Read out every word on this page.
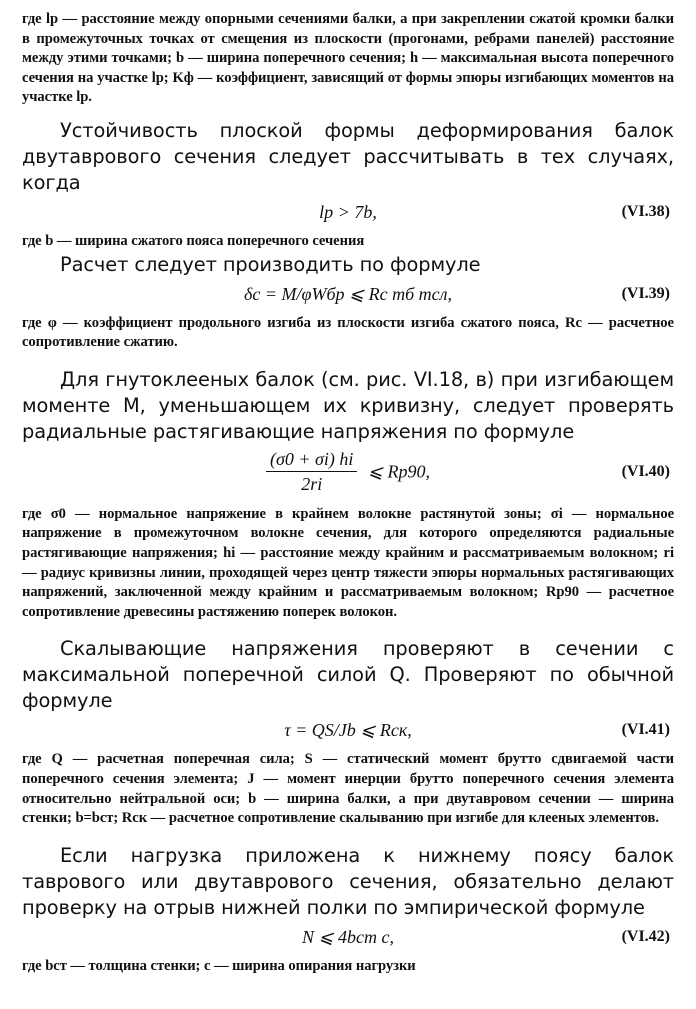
где lр — расстояние между опорными сечениями балки, а при закреплении сжатой кромки балки в промежуточных точках от смещения из плоскости (прогонами, ребрами панелей) расстояние между этими точками; b — ширина поперечного сечения; h — максимальная высота поперечного сечения на участке lр; Kф — коэффициент, зависящий от формы эпюры изгибающих моментов на участке lр.

Устойчивость плоской формы деформирования балок двутаврового сечения следует рассчитывать в тех случаях, когда

lр > 7b,	(VI.38)

где b — ширина сжатого пояса поперечного сечения

Расчет следует производить по формуле

δс = M/φWбр ⩽ Rс mб mсл,	(VI.39)

где φ — коэффициент продольного изгиба из плоскости изгиба сжатого пояса, Rс — расчетное сопротивление сжатию.

Для гнутоклееных балок (см. рис. VI.18, в) при изгибающем моменте M, уменьшающем их кривизну, следует проверять радиальные растягивающие напряжения по формуле

$\frac{(\sigma 0 + \sigma i) hi}{2ri}$ ⩽ Rр90,	(VI.40)

где σ0 — нормальное напряжение в крайнем волокне растянутой зоны; σi — нормальное напряжение в промежуточном волокне сечения, для которого определяются радиальные растягивающие напряжения; hi — расстояние между крайним и рассматриваемым волокном; ri — радиус кривизны линии, проходящей через центр тяжести эпюры нормальных растягивающих напряжений, заключенной между крайним и рассматриваемым волокном; Rр90 — расчетное сопротивление древесины растяжению поперек волокон.

Скалывающие напряжения проверяют в сечении с максимальной поперечной силой Q. Проверяют по обычной формуле

τ = QS/Jb ⩽ Rск,	(VI.41)

где Q — расчетная поперечная сила; S — статический момент брутто сдвигаемой части поперечного сечения элемента; J — момент инерции брутто поперечного сечения элемента относительно нейтральной оси; b — ширина балки, а при двутавровом сечении — ширина стенки; b=bст; Rск — расчетное сопротивление скалыванию при изгибе для клееных элементов.

Если нагрузка приложена к нижнему поясу балок таврового или двутаврового сечения, обязательно делают проверку на отрыв нижней полки по эмпирической формуле

N ⩽ 4bст c,	(VI.42)

где bст — толщина стенки; c — ширина опирания нагрузки
